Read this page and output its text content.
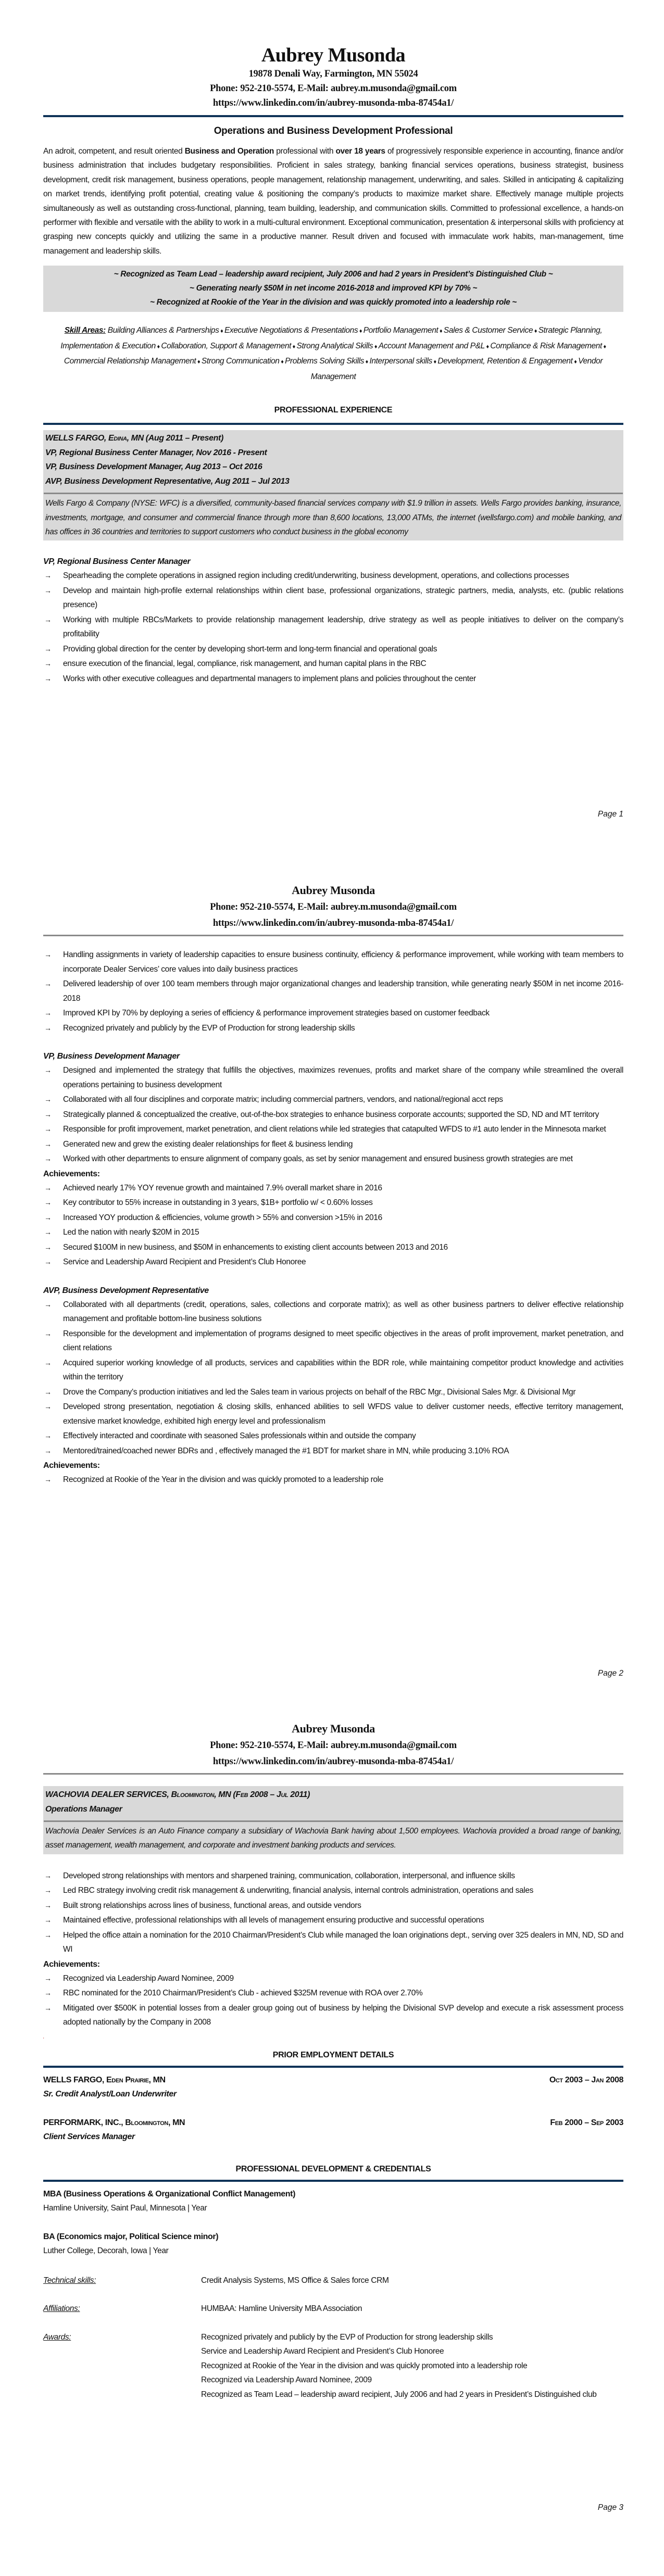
Aubrey Musonda
19878 Denali Way, Farmington, MN 55024
Phone: 952-210-5574, E-Mail: aubrey.m.musonda@gmail.com
https://www.linkedin.com/in/aubrey-musonda-mba-87454a1/
Operations and Business Development Professional
An adroit, competent, and result oriented Business and Operation professional with over 18 years of progressively responsible experience in accounting, finance and/or business administration that includes budgetary responsibilities. Proficient in sales strategy, banking financial services operations, business strategist, business development, credit risk management, business operations, people management, relationship management, underwriting, and sales. Skilled in anticipating & capitalizing on market trends, identifying profit potential, creating value & positioning the company’s products to maximize market share. Effectively manage multiple projects simultaneously as well as outstanding cross-functional, planning, team building, leadership, and communication skills. Committed to professional excellence, a hands-on performer with flexible and versatile with the ability to work in a multi-cultural environment. Exceptional communication, presentation & interpersonal skills with proficiency at grasping new concepts quickly and utilizing the same in a productive manner. Result driven and focused with immaculate work habits, man-management, time management and leadership skills.
~ Recognized as Team Lead – leadership award recipient, July 2006 and had 2 years in President’s Distinguished Club ~
~ Generating nearly $50M in net income 2016-2018 and improved KPI by 70% ~
~ Recognized at Rookie of the Year in the division and was quickly promoted into a leadership role ~
Skill Areas: Building Alliances & Partnerships ♦ Executive Negotiations & Presentations ♦ Portfolio Management ♦ Sales & Customer Service ♦ Strategic Planning, Implementation & Execution ♦ Collaboration, Support & Management ♦ Strong Analytical Skills ♦ Account Management and P&L ♦ Compliance & Risk Management ♦ Commercial Relationship Management ♦ Strong Communication ♦ Problems Solving Skills ♦ Interpersonal skills ♦ Development, Retention & Engagement ♦ Vendor Management
PROFESSIONAL EXPERIENCE
WELLS FARGO, Edina, MN (Aug 2011 – Present)
VP, Regional Business Center Manager, Nov 2016 - Present
VP, Business Development Manager, Aug 2013 – Oct 2016
AVP, Business Development Representative, Aug 2011 – Jul 2013
Wells Fargo & Company (NYSE: WFC) is a diversified, community-based financial services company with $1.9 trillion in assets. Wells Fargo provides banking, insurance, investments, mortgage, and consumer and commercial finance through more than 8,600 locations, 13,000 ATMs, the internet (wellsfargo.com) and mobile banking, and has offices in 36 countries and territories to support customers who conduct business in the global economy
VP, Regional Business Center Manager
→ Spearheading the complete operations in assigned region including credit/underwriting, business development, operations, and collections processes
→ Develop and maintain high-profile external relationships within client base, professional organizations, strategic partners, media, analysts, etc. (public relations presence)
→ Working with multiple RBCs/Markets to provide relationship management leadership, drive strategy as well as people initiatives to deliver on the company’s profitability
→ Providing global direction for the center by developing short-term and long-term financial and operational goals
→ ensure execution of the financial, legal, compliance, risk management, and human capital plans in the RBC
→ Works with other executive colleagues and departmental managers to implement plans and policies throughout the center
Page 1
Aubrey Musonda
Phone: 952-210-5574, E-Mail: aubrey.m.musonda@gmail.com
https://www.linkedin.com/in/aubrey-musonda-mba-87454a1/
→ Handling assignments in variety of leadership capacities to ensure business continuity, efficiency & performance improvement, while working with team members to incorporate Dealer Services’ core values into daily business practices
→ Delivered leadership of over 100 team members through major organizational changes and leadership transition, while generating nearly $50M in net income 2016-2018
→ Improved KPI by 70% by deploying a series of efficiency & performance improvement strategies based on customer feedback
→ Recognized privately and publicly by the EVP of Production for strong leadership skills
VP, Business Development Manager
→ Designed and implemented the strategy that fulfills the objectives, maximizes revenues, profits and market share of the company while streamlined the overall operations pertaining to business development
→ Collaborated with all four disciplines and corporate matrix; including commercial partners, vendors, and national/regional acct reps
→ Strategically planned & conceptualized the creative, out-of-the-box strategies to enhance business corporate accounts; supported the SD, ND and MT territory
→ Responsible for profit improvement, market penetration, and client relations while led strategies that catapulted WFDS to #1 auto lender in the Minnesota market
→ Generated new and grew the existing dealer relationships for fleet & business lending
→ Worked with other departments to ensure alignment of company goals, as set by senior management and ensured business growth strategies are met
Achievements:
→ Achieved nearly 17% YOY revenue growth and maintained 7.9% overall market share in 2016
→ Key contributor to 55% increase in outstanding in 3 years, $1B+ portfolio w/ < 0.60% losses
→ Increased YOY production & efficiencies, volume growth > 55% and conversion >15% in 2016
→ Led the nation with nearly $20M in 2015
→ Secured $100M in new business, and $50M in enhancements to existing client accounts between 2013 and 2016
→ Service and Leadership Award Recipient and President’s Club Honoree
AVP, Business Development Representative
→ Collaborated with all departments (credit, operations, sales, collections and corporate matrix); as well as other business partners to deliver effective relationship management and profitable bottom-line business solutions
→ Responsible for the development and implementation of programs designed to meet specific objectives in the areas of profit improvement, market penetration, and client relations
→ Acquired superior working knowledge of all products, services and capabilities within the BDR role, while maintaining competitor product knowledge and activities within the territory
→ Drove the Company’s production initiatives and led the Sales team in various projects on behalf of the RBC Mgr., Divisional Sales Mgr. & Divisional Mgr
→ Developed strong presentation, negotiation & closing skills, enhanced abilities to sell WFDS value to deliver customer needs, effective territory management, extensive market knowledge, exhibited high energy level and professionalism
→ Effectively interacted and coordinate with seasoned Sales professionals within and outside the company
→ Mentored/trained/coached newer BDRs and , effectively managed the #1 BDT for market share in MN, while producing 3.10% ROA
Achievements:
→ Recognized at Rookie of the Year in the division and was quickly promoted to a leadership role
Page 2
Aubrey Musonda
Phone: 952-210-5574, E-Mail: aubrey.m.musonda@gmail.com
https://www.linkedin.com/in/aubrey-musonda-mba-87454a1/
WACHOVIA DEALER SERVICES, Bloomington, MN (Feb 2008 – Jul 2011)
Operations Manager
Wachovia Dealer Services is an Auto Finance company a subsidiary of Wachovia Bank having about 1,500 employees. Wachovia provided a broad range of banking, asset management, wealth management, and corporate and investment banking products and services.
→ Developed strong relationships with mentors and sharpened training, communication, collaboration, interpersonal, and influence skills
→ Led RBC strategy involving credit risk management & underwriting, financial analysis, internal controls administration, operations and sales
→ Built strong relationships across lines of business, functional areas, and outside vendors
→ Maintained effective, professional relationships with all levels of management ensuring productive and successful operations
→ Helped the office attain a nomination for the 2010 Chairman/President’s Club while managed the loan originations dept., serving over 325 dealers in MN, ND, SD and WI
Achievements:
→ Recognized via Leadership Award Nominee, 2009
→ RBC nominated for the 2010 Chairman/President’s Club - achieved $325M revenue with ROA over 2.70%
→ Mitigated over $500K in potential losses from a dealer group going out of business by helping the Divisional SVP develop and execute a risk assessment process adopted nationally by the Company in 2008
'
PRIOR EMPLOYMENT DETAILS
WELLS FARGO, Eden Prairie, MN	Oct 2003 – Jan 2008
Sr. Credit Analyst/Loan Underwriter
PERFORMARK, INC., Bloomington, MN	Feb 2000 – Sep 2003
Client Services Manager
PROFESSIONAL DEVELOPMENT & CREDENTIALS
MBA (Business Operations & Organizational Conflict Management)
Hamline University, Saint Paul, Minnesota | Year
BA (Economics major, Political Science minor)
Luther College, Decorah, Iowa | Year
Technical skills:	Credit Analysis Systems, MS Office & Sales force CRM
Affiliations:	HUMBAA: Hamline University MBA Association
Awards:	Recognized privately and publicly by the EVP of Production for strong leadership skills
Service and Leadership Award Recipient and President’s Club Honoree
Recognized at Rookie of the Year in the division and was quickly promoted into a leadership role
Recognized via Leadership Award Nominee, 2009
Recognized as Team Lead – leadership award recipient, July 2006 and had 2 years in President’s Distinguished club
Page 3
